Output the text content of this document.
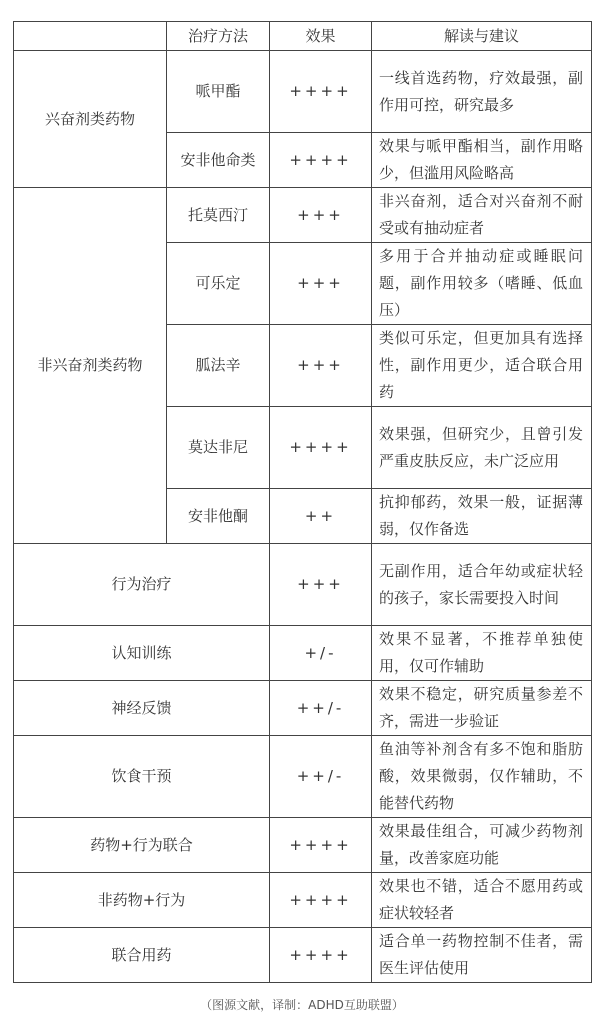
	治疗方法	效果	解读与建议
兴奋剂类药物	哌甲酯	++++	一线首选药物，疗效最强，副作用可控，研究最多
	安非他命类	++++	效果与哌甲酯相当，副作用略少，但滥用风险略高
非兴奋剂类药物	托莫西汀	+++	非兴奋剂，适合对兴奋剂不耐受或有抽动症者
	可乐定	+++	多用于合并抽动症或睡眠问题，副作用较多（嗜睡、低血压）
	胍法辛	+++	类似可乐定，但更加具有选择性，副作用更少，适合联合用药
	莫达非尼	++++	效果强，但研究少，且曾引发严重皮肤反应，未广泛应用
	安非他酮	++	抗抑郁药，效果一般，证据薄弱，仅作备选
行为治疗		+++	无副作用，适合年幼或症状轻的孩子，家长需要投入时间
认知训练		+/-	效果不显著，不推荐单独使用，仅可作辅助
神经反馈		++/-	效果不稳定，研究质量参差不齐，需进一步验证
饮食干预		++/-	鱼油等补剂含有多不饱和脂肪酸，效果微弱，仅作辅助，不能替代药物
药物+行为联合		++++	效果最佳组合，可减少药物剂量，改善家庭功能
非药物+行为		++++	效果也不错，适合不愿用药或症状较轻者
联合用药		++++	适合单一药物控制不佳者，需医生评估使用
（图源文献，译制：ADHD互助联盟）
